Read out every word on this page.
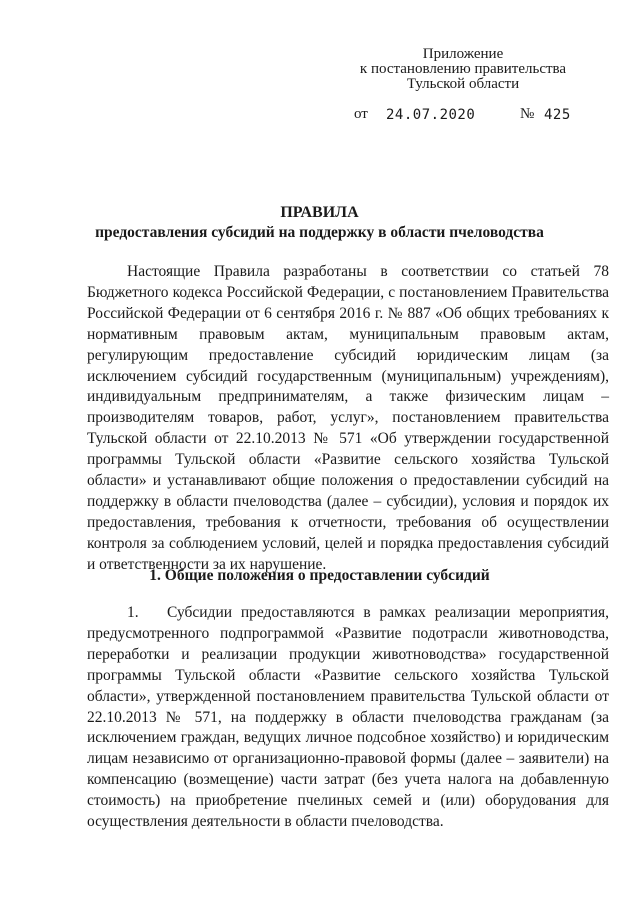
Приложение
к постановлению правительства
Тульской области
от 24.07.2020	№ 425
ПРАВИЛА
предоставления субсидий на поддержку в области пчеловодства

Настоящие Правила разработаны в соответствии со статьей 78 Бюджетного кодекса Российской Федерации, с постановлением Правительства Российской Федерации от 6 сентября 2016 г. № 887 «Об общих требованиях к нормативным правовым актам, муниципальным правовым актам, регулирующим предоставление субсидий юридическим лицам (за исключением субсидий государственным (муниципальным) учреждениям), индивидуальным предпринимателям, а также физическим лицам – производителям товаров, работ, услуг», постановлением правительства Тульской области от 22.10.2013 № 571 «Об утверждении государственной программы Тульской области «Развитие сельского хозяйства Тульской области» и устанавливают общие положения о предоставлении субсидий на поддержку в области пчеловодства (далее – субсидии), условия и порядок их предоставления, требования к отчетности, требования об осуществлении контроля за соблюдением условий, целей и порядка предоставления субсидий и ответственности за их нарушение.

1. Общие положения о предоставлении субсидий

1. Субсидии предоставляются в рамках реализации мероприятия, предусмотренного подпрограммой «Развитие подотрасли животноводства, переработки и реализации продукции животноводства» государственной программы Тульской области «Развитие сельского хозяйства Тульской области», утвержденной постановлением правительства Тульской области от 22.10.2013 № 571, на поддержку в области пчеловодства гражданам (за исключением граждан, ведущих личное подсобное хозяйство) и юридическим лицам независимо от организационно-правовой формы (далее – заявители) на компенсацию (возмещение) части затрат (без учета налога на добавленную стоимость) на приобретение пчелиных семей и (или) оборудования для осуществления деятельности в области пчеловодства.
